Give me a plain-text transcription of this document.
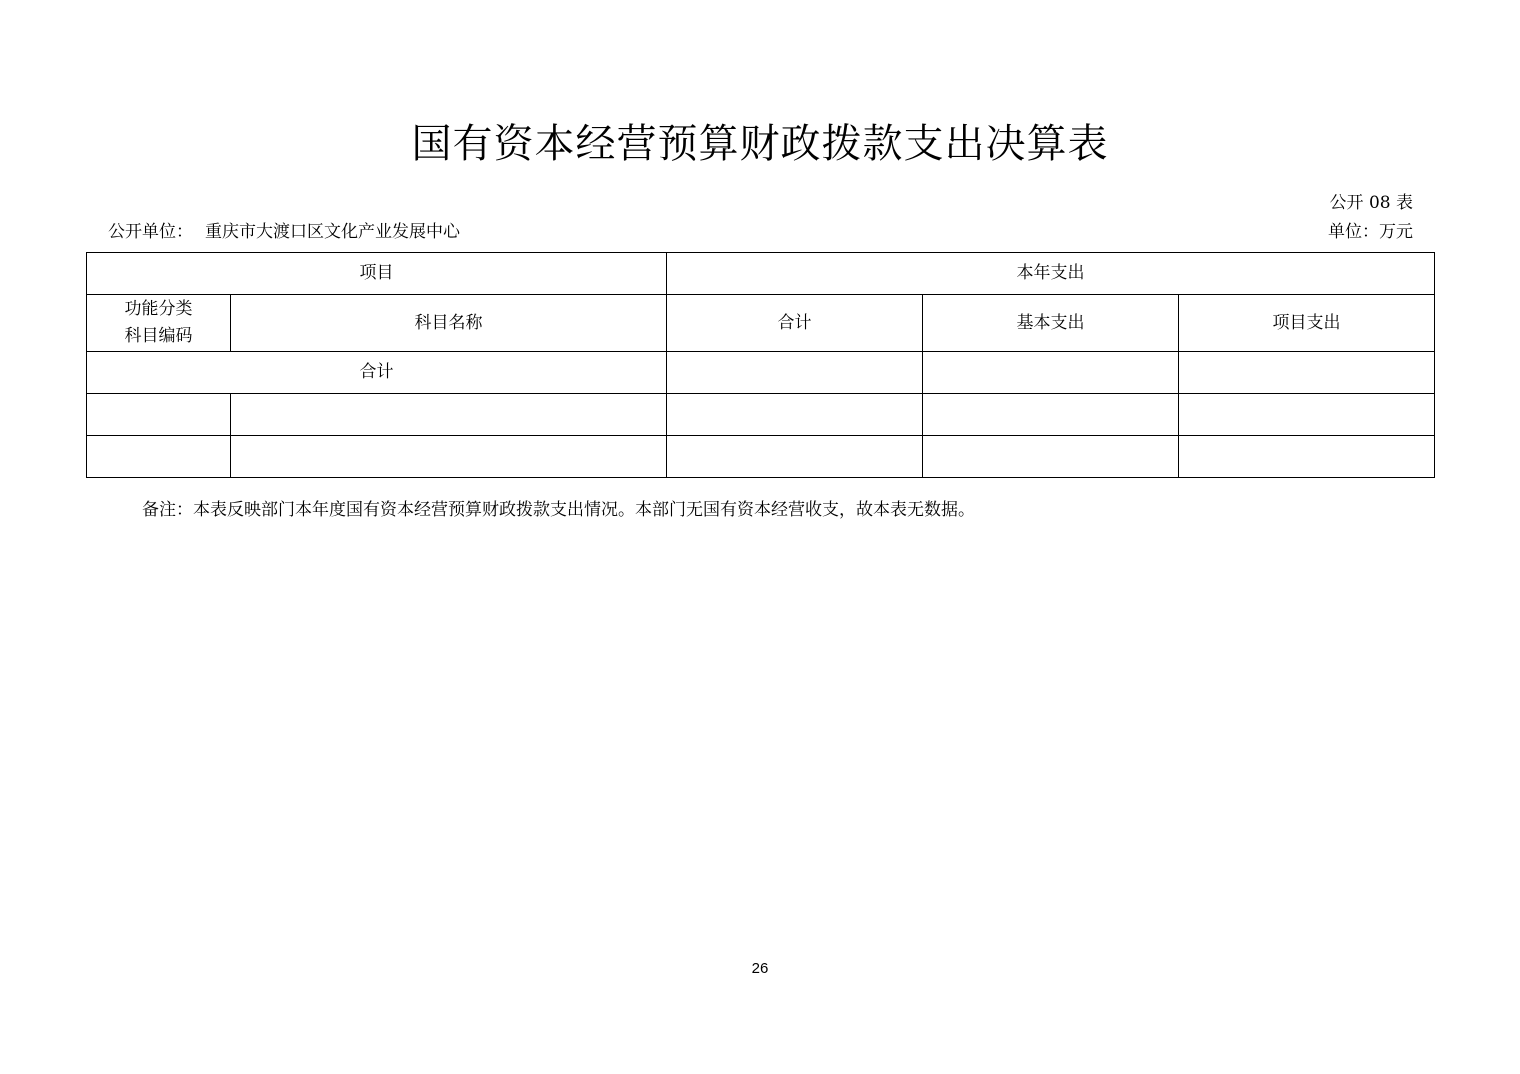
国有资本经营预算财政拨款支出决算表
公开 08 表
公开单位： 重庆市大渡口区文化产业发展中心	单位：万元
项目		本年支出		

功能分类
科目编码	科目名称	合计	基本支出	项目支出
合计				

备注：本表反映部门本年度国有资本经营预算财政拨款支出情况。本部门无国有资本经营收支，故本表无数据。
26
